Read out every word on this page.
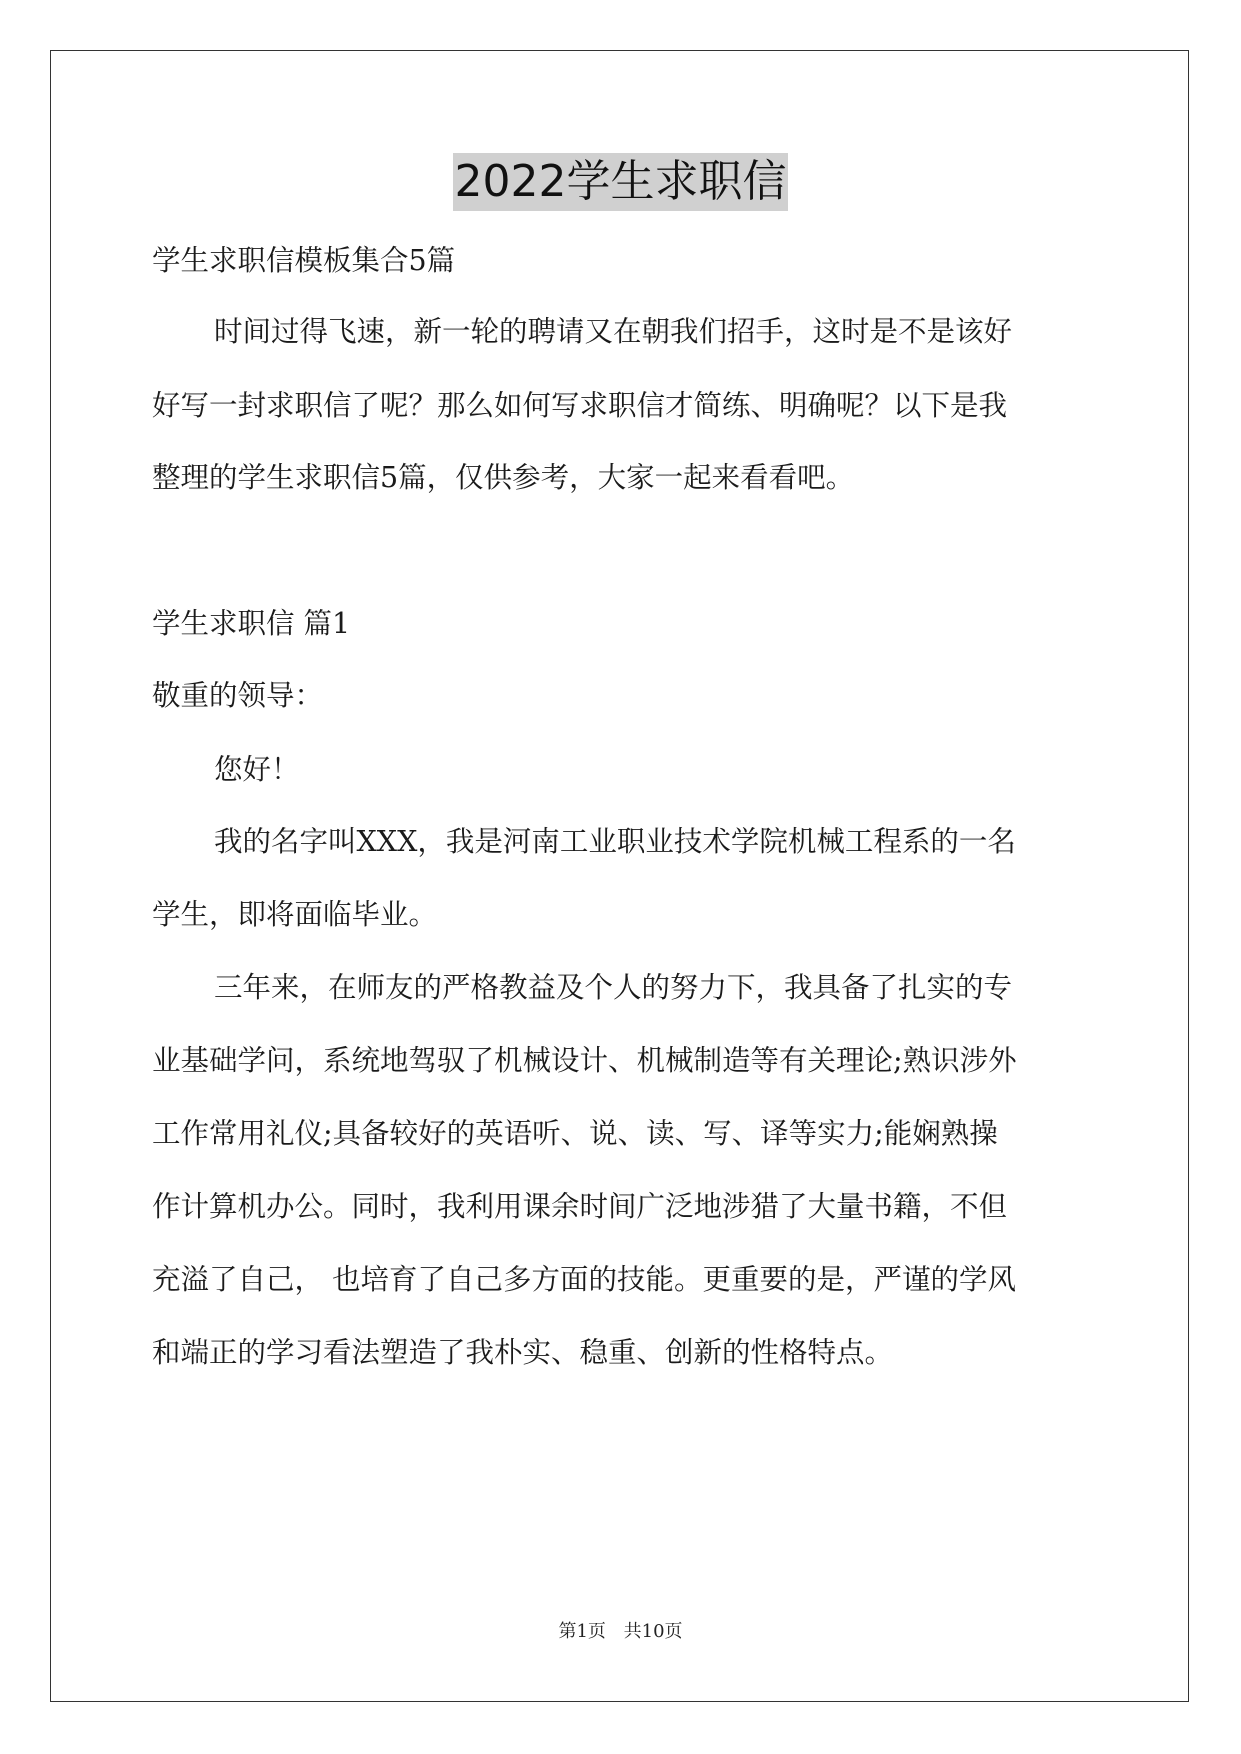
2022学生求职信
学生求职信模板集合5篇
时间过得飞速，新一轮的聘请又在朝我们招手，这时是不是该好
好写一封求职信了呢？那么如何写求职信才简练、明确呢？以下是我
整理的学生求职信5篇，仅供参考，大家一起来看看吧。
学生求职信 篇1
敬重的领导：
您好！
我的名字叫XXX，我是河南工业职业技术学院机械工程系的一名
学生，即将面临毕业。
三年来，在师友的严格教益及个人的努力下，我具备了扎实的专
业基础学问，系统地驾驭了机械设计、机械制造等有关理论;熟识涉外
工作常用礼仪;具备较好的英语听、说、读、写、译等实力;能娴熟操
作计算机办公。同时，我利用课余时间广泛地涉猎了大量书籍，不但
充溢了自己， 也培育了自己多方面的技能。更重要的是，严谨的学风
和端正的学习看法塑造了我朴实、稳重、创新的性格特点。
第1页 共10页
